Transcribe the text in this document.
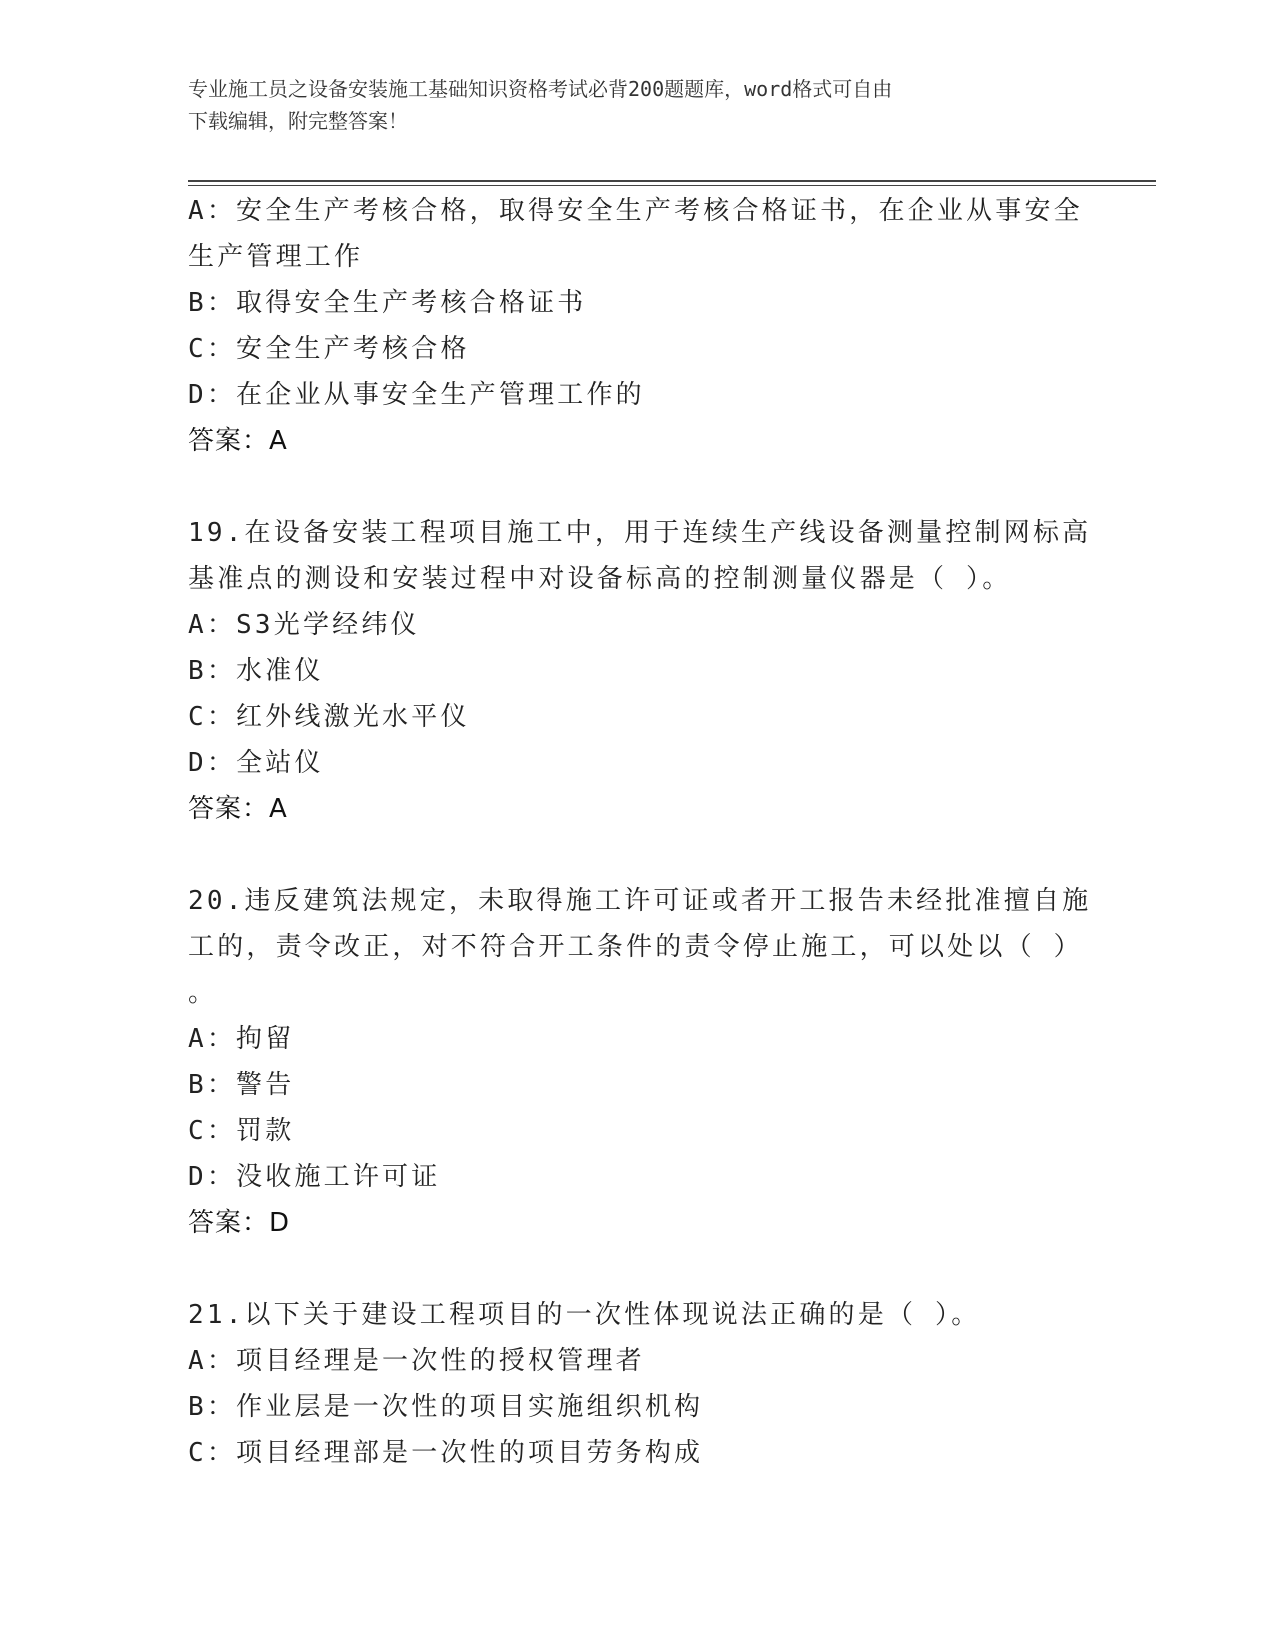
专业施工员之设备安装施工基础知识资格考试必背200题题库，word格式可自由
下载编辑，附完整答案！
A：安全生产考核合格，取得安全生产考核合格证书，在企业从事安全
生产管理工作
B：取得安全生产考核合格证书
C：安全生产考核合格
D：在企业从事安全生产管理工作的
答案：A
19.在设备安装工程项目施工中，用于连续生产线设备测量控制网标高
基准点的测设和安装过程中对设备标高的控制测量仪器是（ ）。
A：S3光学经纬仪
B：水准仪
C：红外线激光水平仪
D：全站仪
答案：A
20.违反建筑法规定，未取得施工许可证或者开工报告未经批准擅自施
工的，责令改正，对不符合开工条件的责令停止施工，可以处以（ ）
。
A：拘留
B：警告
C：罚款
D：没收施工许可证
答案：D
21.以下关于建设工程项目的一次性体现说法正确的是（ ）。
A：项目经理是一次性的授权管理者
B：作业层是一次性的项目实施组织机构
C：项目经理部是一次性的项目劳务构成
